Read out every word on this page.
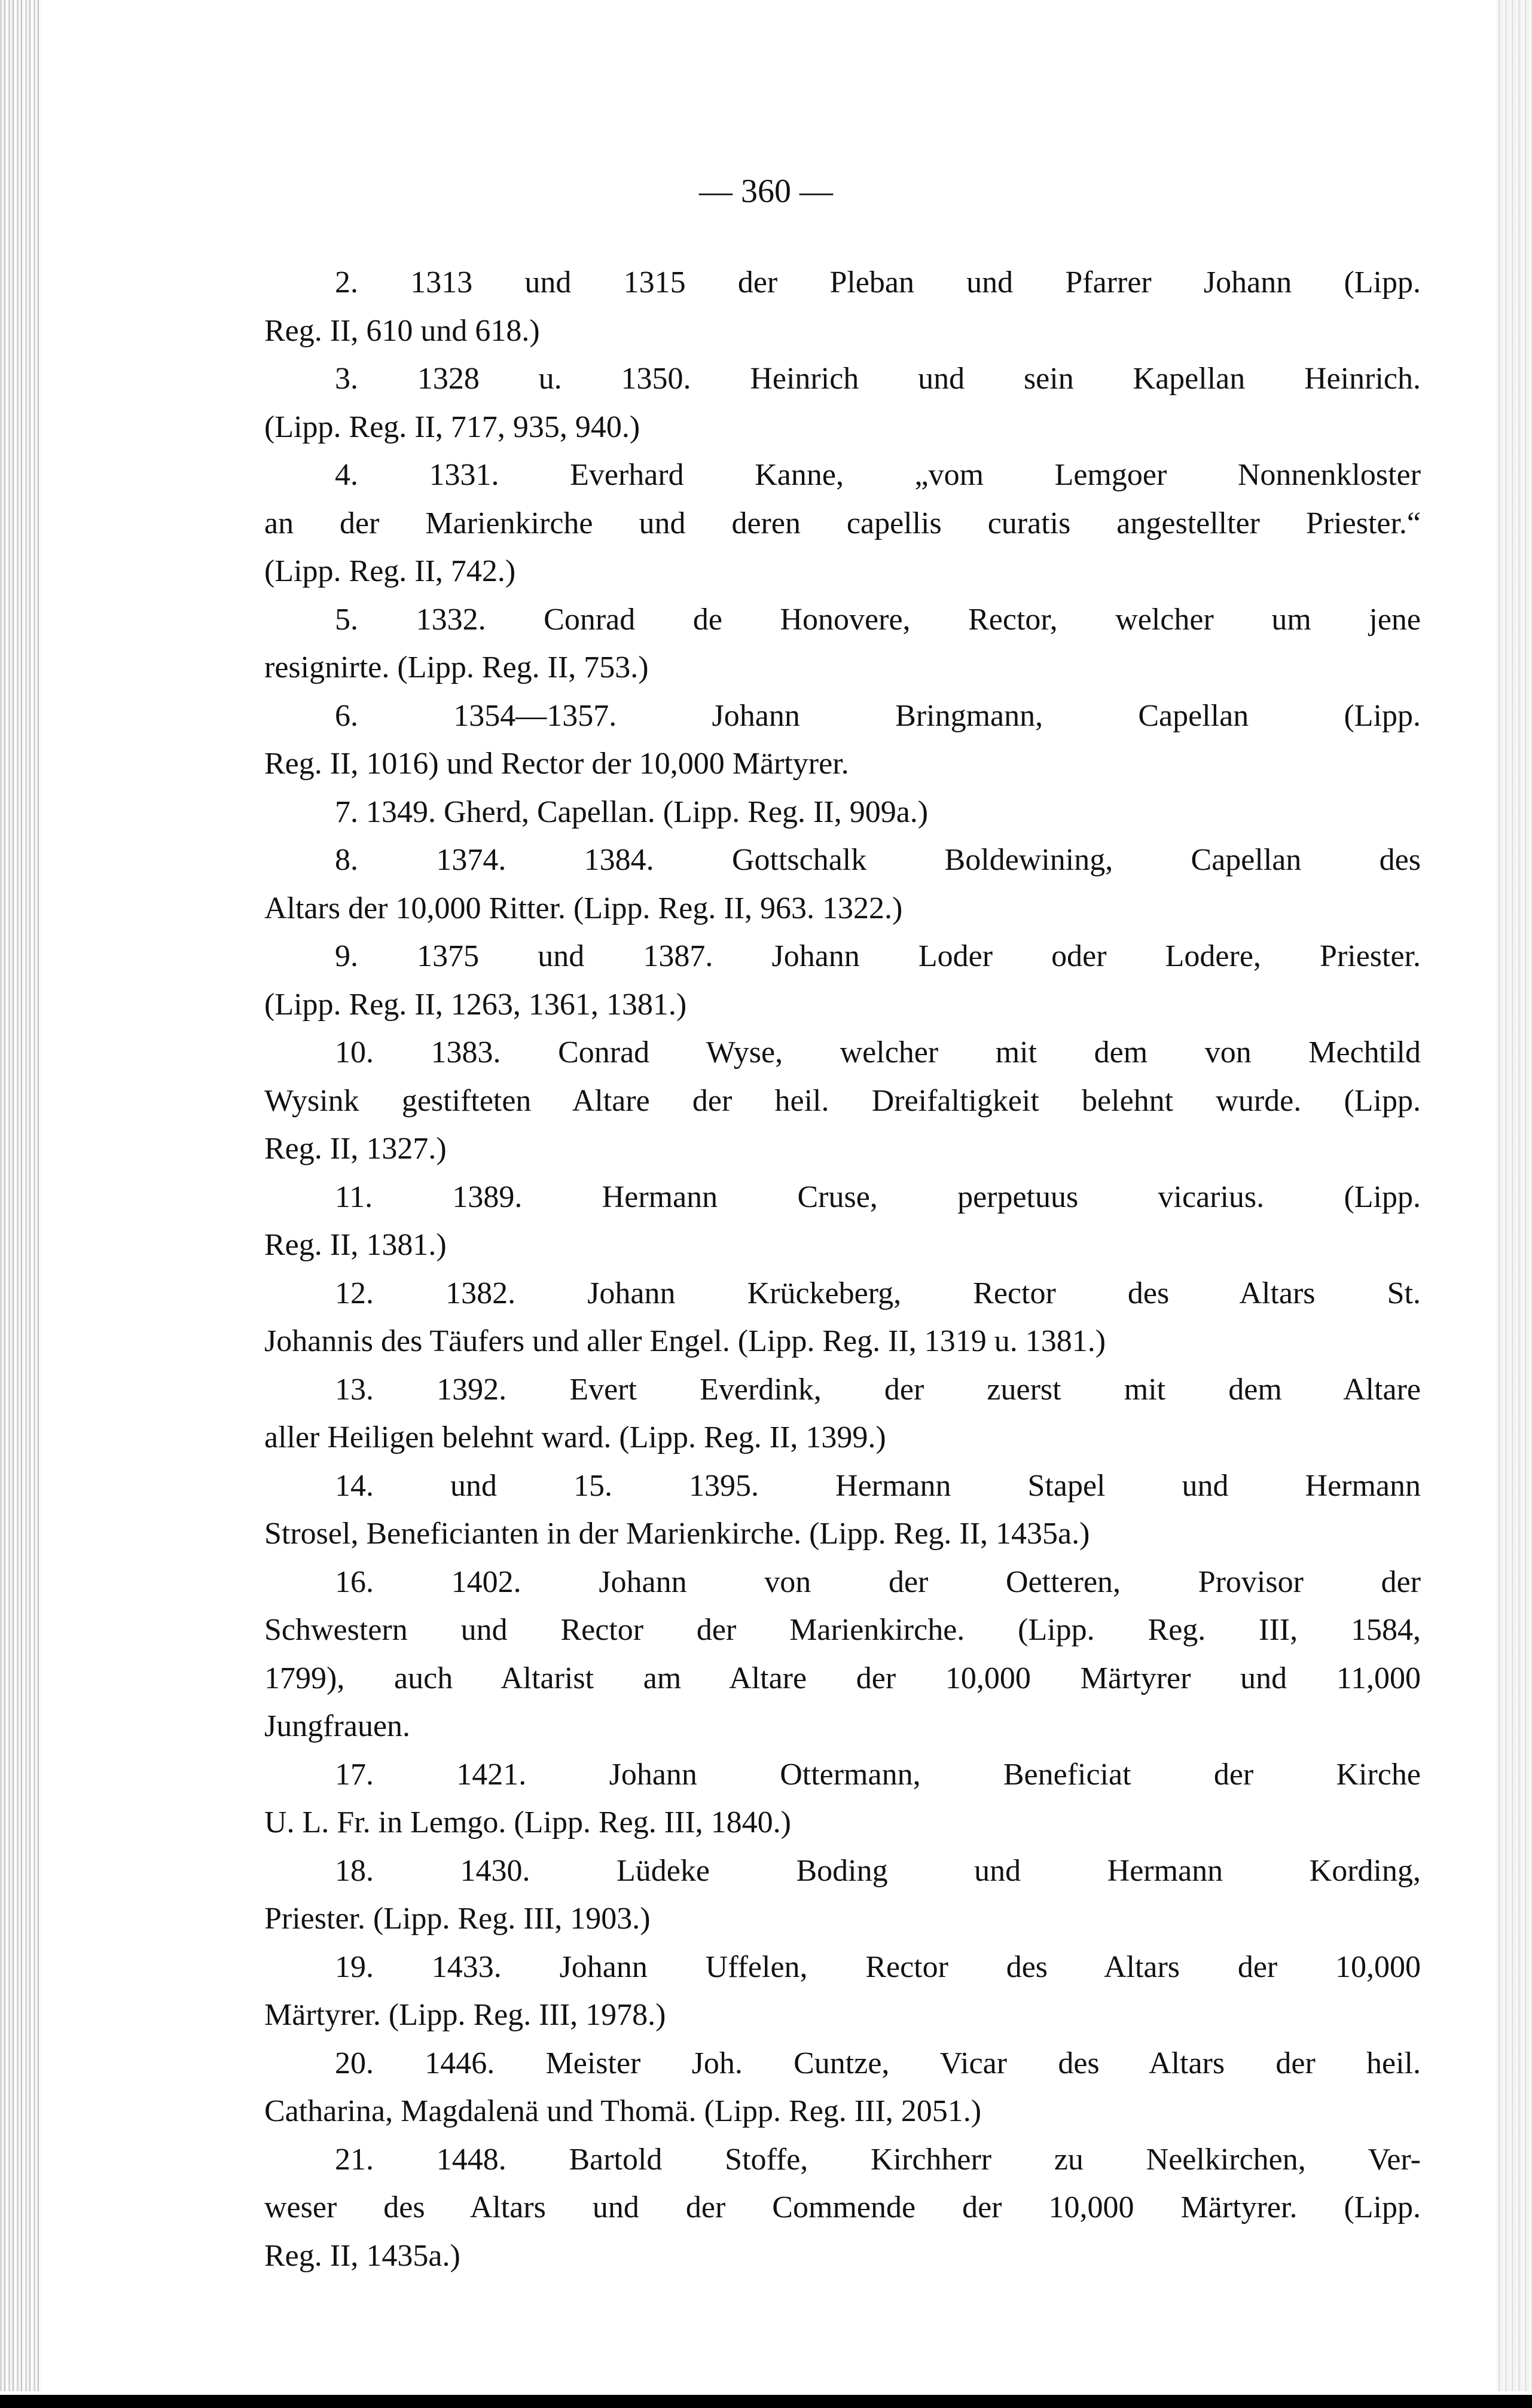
— 360 —
2. 1313 und 1315 der Pleban und Pfarrer Johann (Lipp.
Reg. II, 610 und 618.)
3. 1328 u. 1350. Heinrich und sein Kapellan Heinrich.
(Lipp. Reg. II, 717, 935, 940.)
4. 1331. Everhard Kanne, „vom Lemgoer Nonnenkloster
an der Marienkirche und deren capellis curatis angestellter Priester.“
(Lipp. Reg. II, 742.)
5. 1332. Conrad de Honovere, Rector, welcher um jene
resignirte. (Lipp. Reg. II, 753.)
6. 1354—1357. Johann Bringmann, Capellan (Lipp.
Reg. II, 1016) und Rector der 10,000 Märtyrer.
7. 1349. Gherd, Capellan. (Lipp. Reg. II, 909a.)
8. 1374. 1384. Gottschalk Boldewining, Capellan des
Altars der 10,000 Ritter. (Lipp. Reg. II, 963. 1322.)
9. 1375 und 1387. Johann Loder oder Lodere, Priester.
(Lipp. Reg. II, 1263, 1361, 1381.)
10. 1383. Conrad Wyse, welcher mit dem von Mechtild
Wysink gestifteten Altare der heil. Dreifaltigkeit belehnt wurde. (Lipp.
Reg. II, 1327.)
11. 1389. Hermann Cruse, perpetuus vicarius. (Lipp.
Reg. II, 1381.)
12. 1382. Johann Krückeberg, Rector des Altars St.
Johannis des Täufers und aller Engel. (Lipp. Reg. II, 1319 u. 1381.)
13. 1392. Evert Everdink, der zuerst mit dem Altare
aller Heiligen belehnt ward. (Lipp. Reg. II, 1399.)
14. und 15. 1395. Hermann Stapel und Hermann
Strosel, Beneficianten in der Marienkirche. (Lipp. Reg. II, 1435a.)
16. 1402. Johann von der Oetteren, Provisor der
Schwestern und Rector der Marienkirche. (Lipp. Reg. III, 1584,
1799), auch Altarist am Altare der 10,000 Märtyrer und 11,000
Jungfrauen.
17. 1421. Johann Ottermann, Beneficiat der Kirche
U. L. Fr. in Lemgo. (Lipp. Reg. III, 1840.)
18. 1430. Lüdeke Boding und Hermann Kording,
Priester. (Lipp. Reg. III, 1903.)
19. 1433. Johann Uffelen, Rector des Altars der 10,000
Märtyrer. (Lipp. Reg. III, 1978.)
20. 1446. Meister Joh. Cuntze, Vicar des Altars der heil.
Catharina, Magdalenä und Thomä. (Lipp. Reg. III, 2051.)
21. 1448. Bartold Stoffe, Kirchherr zu Neelkirchen, Ver-
weser des Altars und der Commende der 10,000 Märtyrer. (Lipp.
Reg. II, 1435a.)
